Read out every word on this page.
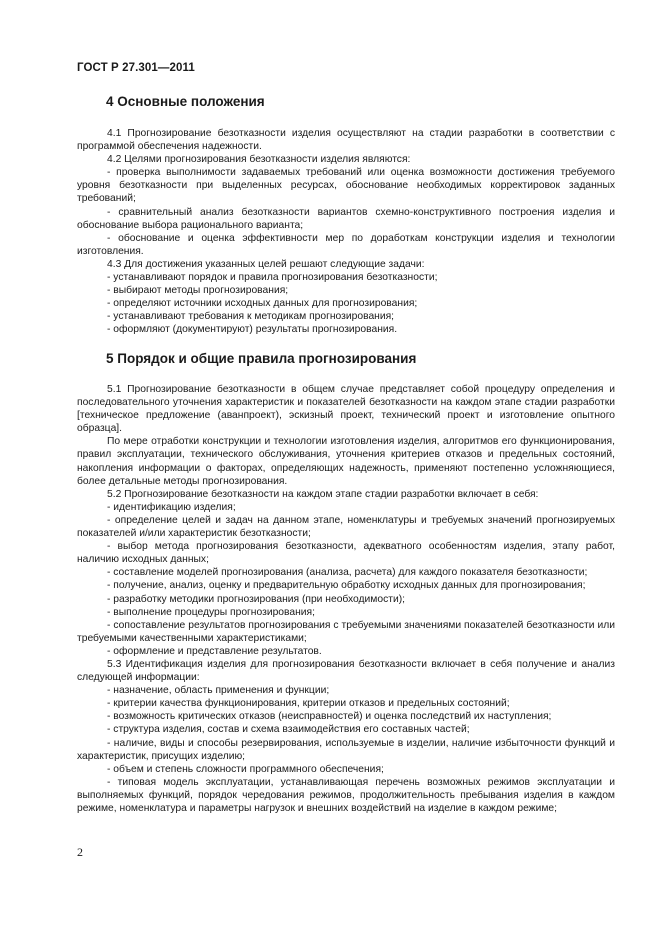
ГОСТ Р 27.301—2011
4 Основные положения

4.1 Прогнозирование безотказности изделия осуществляют на стадии разработки в соответствии с программой обеспечения надежности.

4.2 Целями прогнозирования безотказности изделия являются:

- проверка выполнимости задаваемых требований или оценка возможности достижения требуемого уровня безотказности при выделенных ресурсах, обоснование необходимых корректировок заданных требований;

- сравнительный анализ безотказности вариантов схемно-конструктивного построения изделия и обоснование выбора рационального варианта;

- обоснование и оценка эффективности мер по доработкам конструкции изделия и технологии изготовления.

4.3 Для достижения указанных целей решают следующие задачи:

- устанавливают порядок и правила прогнозирования безотказности;

- выбирают методы прогнозирования;

- определяют источники исходных данных для прогнозирования;

- устанавливают требования к методикам прогнозирования;

- оформляют (документируют) результаты прогнозирования.

5 Порядок и общие правила прогнозирования

5.1 Прогнозирование безотказности в общем случае представляет собой процедуру определения и последовательного уточнения характеристик и показателей безотказности на каждом этапе стадии разработки [техническое предложение (аванпроект), эскизный проект, технический проект и изготовление опытного образца].

По мере отработки конструкции и технологии изготовления изделия, алгоритмов его функционирования, правил эксплуатации, технического обслуживания, уточнения критериев отказов и предельных состояний, накопления информации о факторах, определяющих надежность, применяют постепенно усложняющиеся, более детальные методы прогнозирования.

5.2 Прогнозирование безотказности на каждом этапе стадии разработки включает в себя:

- идентификацию изделия;

- определение целей и задач на данном этапе, номенклатуры и требуемых значений прогнозируемых показателей и/или характеристик безотказности;

- выбор метода прогнозирования безотказности, адекватного особенностям изделия, этапу работ, наличию исходных данных;

- составление моделей прогнозирования (анализа, расчета) для каждого показателя безотказности;

- получение, анализ, оценку и предварительную обработку исходных данных для прогнозирования;

- разработку методики прогнозирования (при необходимости);

- выполнение процедуры прогнозирования;

- сопоставление результатов прогнозирования с требуемыми значениями показателей безотказности или требуемыми качественными характеристиками;

- оформление и представление результатов.

5.3 Идентификация изделия для прогнозирования безотказности включает в себя получение и анализ следующей информации:

- назначение, область применения и функции;

- критерии качества функционирования, критерии отказов и предельных состояний;

- возможность критических отказов (неисправностей) и оценка последствий их наступления;

- структура изделия, состав и схема взаимодействия его составных частей;

- наличие, виды и способы резервирования, используемые в изделии, наличие избыточности функций и характеристик, присущих изделию;

- объем и степень сложности программного обеспечения;

- типовая модель эксплуатации, устанавливающая перечень возможных режимов эксплуатации и выполняемых функций, порядок чередования режимов, продолжительность пребывания изделия в каждом режиме, номенклатура и параметры нагрузок и внешних воздействий на изделие в каждом режиме;

2
